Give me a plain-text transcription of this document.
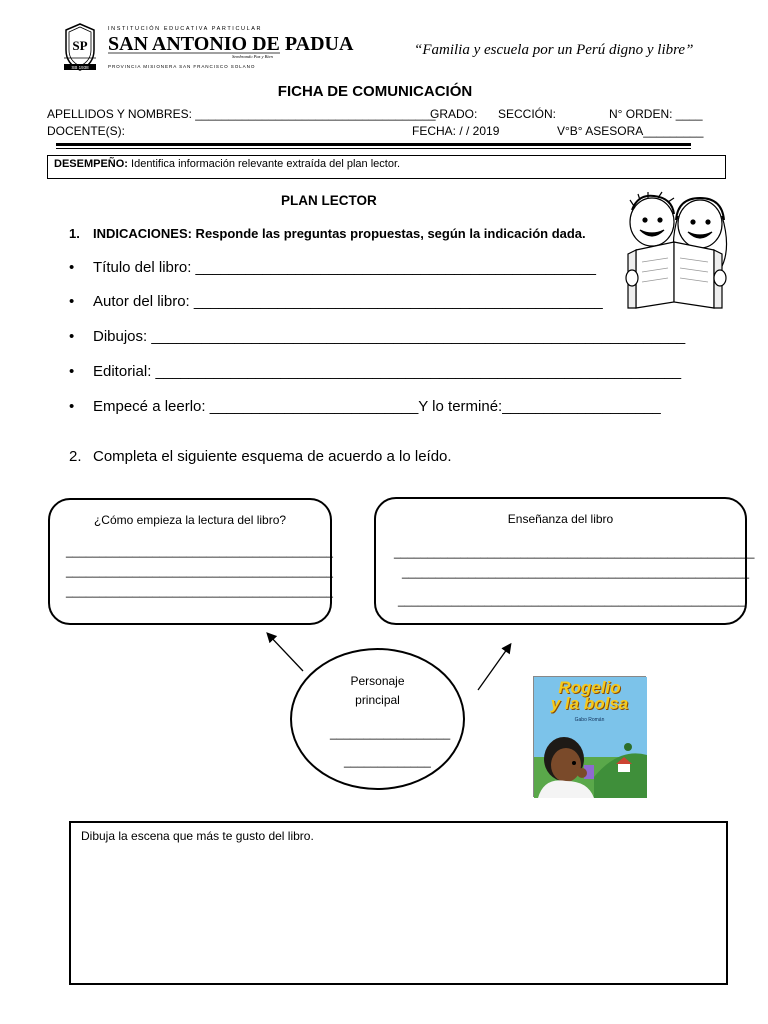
SP
SB 1938
INSTITUCIÓN EDUCATIVA PARTICULAR
SAN ANTONIO DE PADUA
Sembrando Paz y Bien
PROVINCIA MISIONERA SAN FRANCISCO SOLANO
“Familia y escuela por un Perú digno y libre”
FICHA DE COMUNICACIÓN
APELLIDOS Y NOMBRES: ____________________________________
GRADO: SECCIÓN:	N° ORDEN: ____
DOCENTE(S):	FECHA: / / 2019	V°B° ASESORA_________
DESEMPEÑO: Identifica información relevante extraída del plan lector.
PLAN LECTOR
1. INDICACIONES: Responde las preguntas propuestas, según la indicación dada.
• Título del libro: ________________________________________________
• Autor del libro: _________________________________________________
• Dibujos: ________________________________________________________________
• Editorial: _______________________________________________________________
• Empecé a leerlo: _________________________Y lo terminé:___________________
2. Completa el siguiente esquema de acuerdo a lo leído.
¿Cómo empieza la lectura del libro?
________________________________________
________________________________________
________________________________________
Enseñanza del libro
______________________________________________________
____________________________________________________
____________________________________________________
Personaje
principal
__________________
_____________
Rogelio
y la bolsa
Gabo Román
Dibuja la escena que más te gusto del libro.
